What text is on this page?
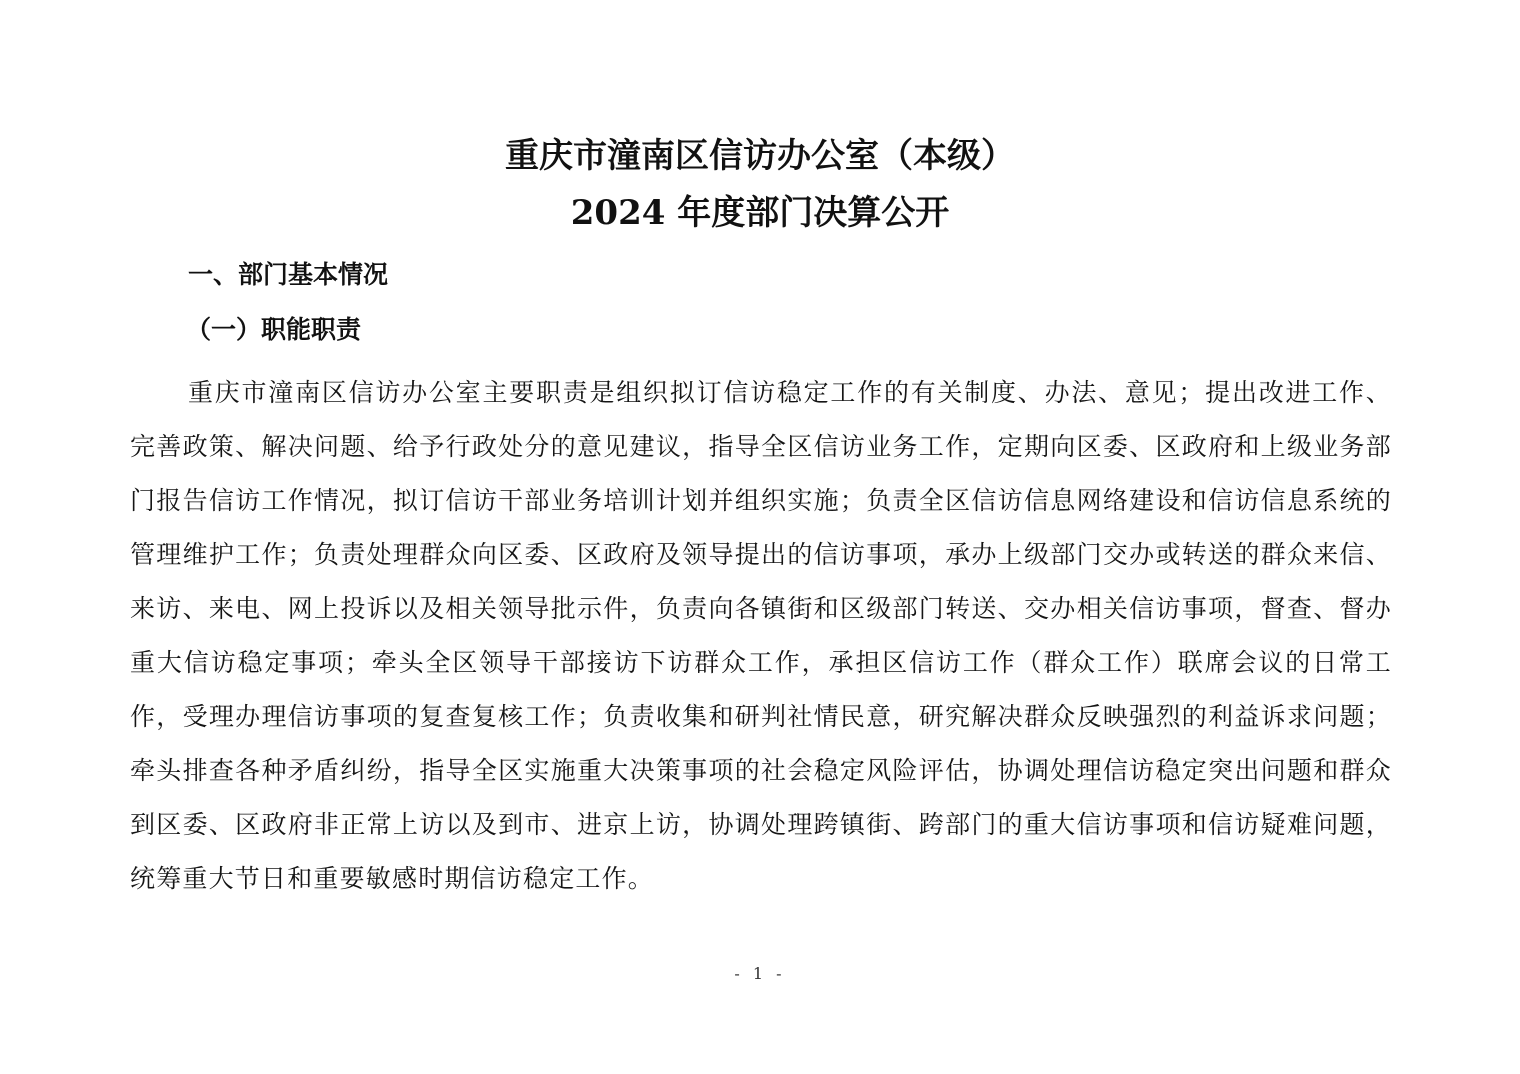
重庆市潼南区信访办公室（本级）
2024 年度部门决算公开
一、部门基本情况
（一）职能职责

重庆市潼南区信访办公室主要职责是组织拟订信访稳定工作的有关制度、办法、意见；提出改进工作、完善政策、解决问题、给予行政处分的意见建议，指导全区信访业务工作，定期向区委、区政府和上级业务部门报告信访工作情况，拟订信访干部业务培训计划并组织实施；负责全区信访信息网络建设和信访信息系统的管理维护工作；负责处理群众向区委、区政府及领导提出的信访事项，承办上级部门交办或转送的群众来信、来访、来电、网上投诉以及相关领导批示件，负责向各镇街和区级部门转送、交办相关信访事项，督查、督办重大信访稳定事项；牵头全区领导干部接访下访群众工作，承担区信访工作（群众工作）联席会议的日常工作，受理办理信访事项的复查复核工作；负责收集和研判社情民意，研究解决群众反映强烈的利益诉求问题；牵头排查各种矛盾纠纷，指导全区实施重大决策事项的社会稳定风险评估，协调处理信访稳定突出问题和群众到区委、区政府非正常上访以及到市、进京上访，协调处理跨镇街、跨部门的重大信访事项和信访疑难问题，统筹重大节日和重要敏感时期信访稳定工作。

- 1 -
